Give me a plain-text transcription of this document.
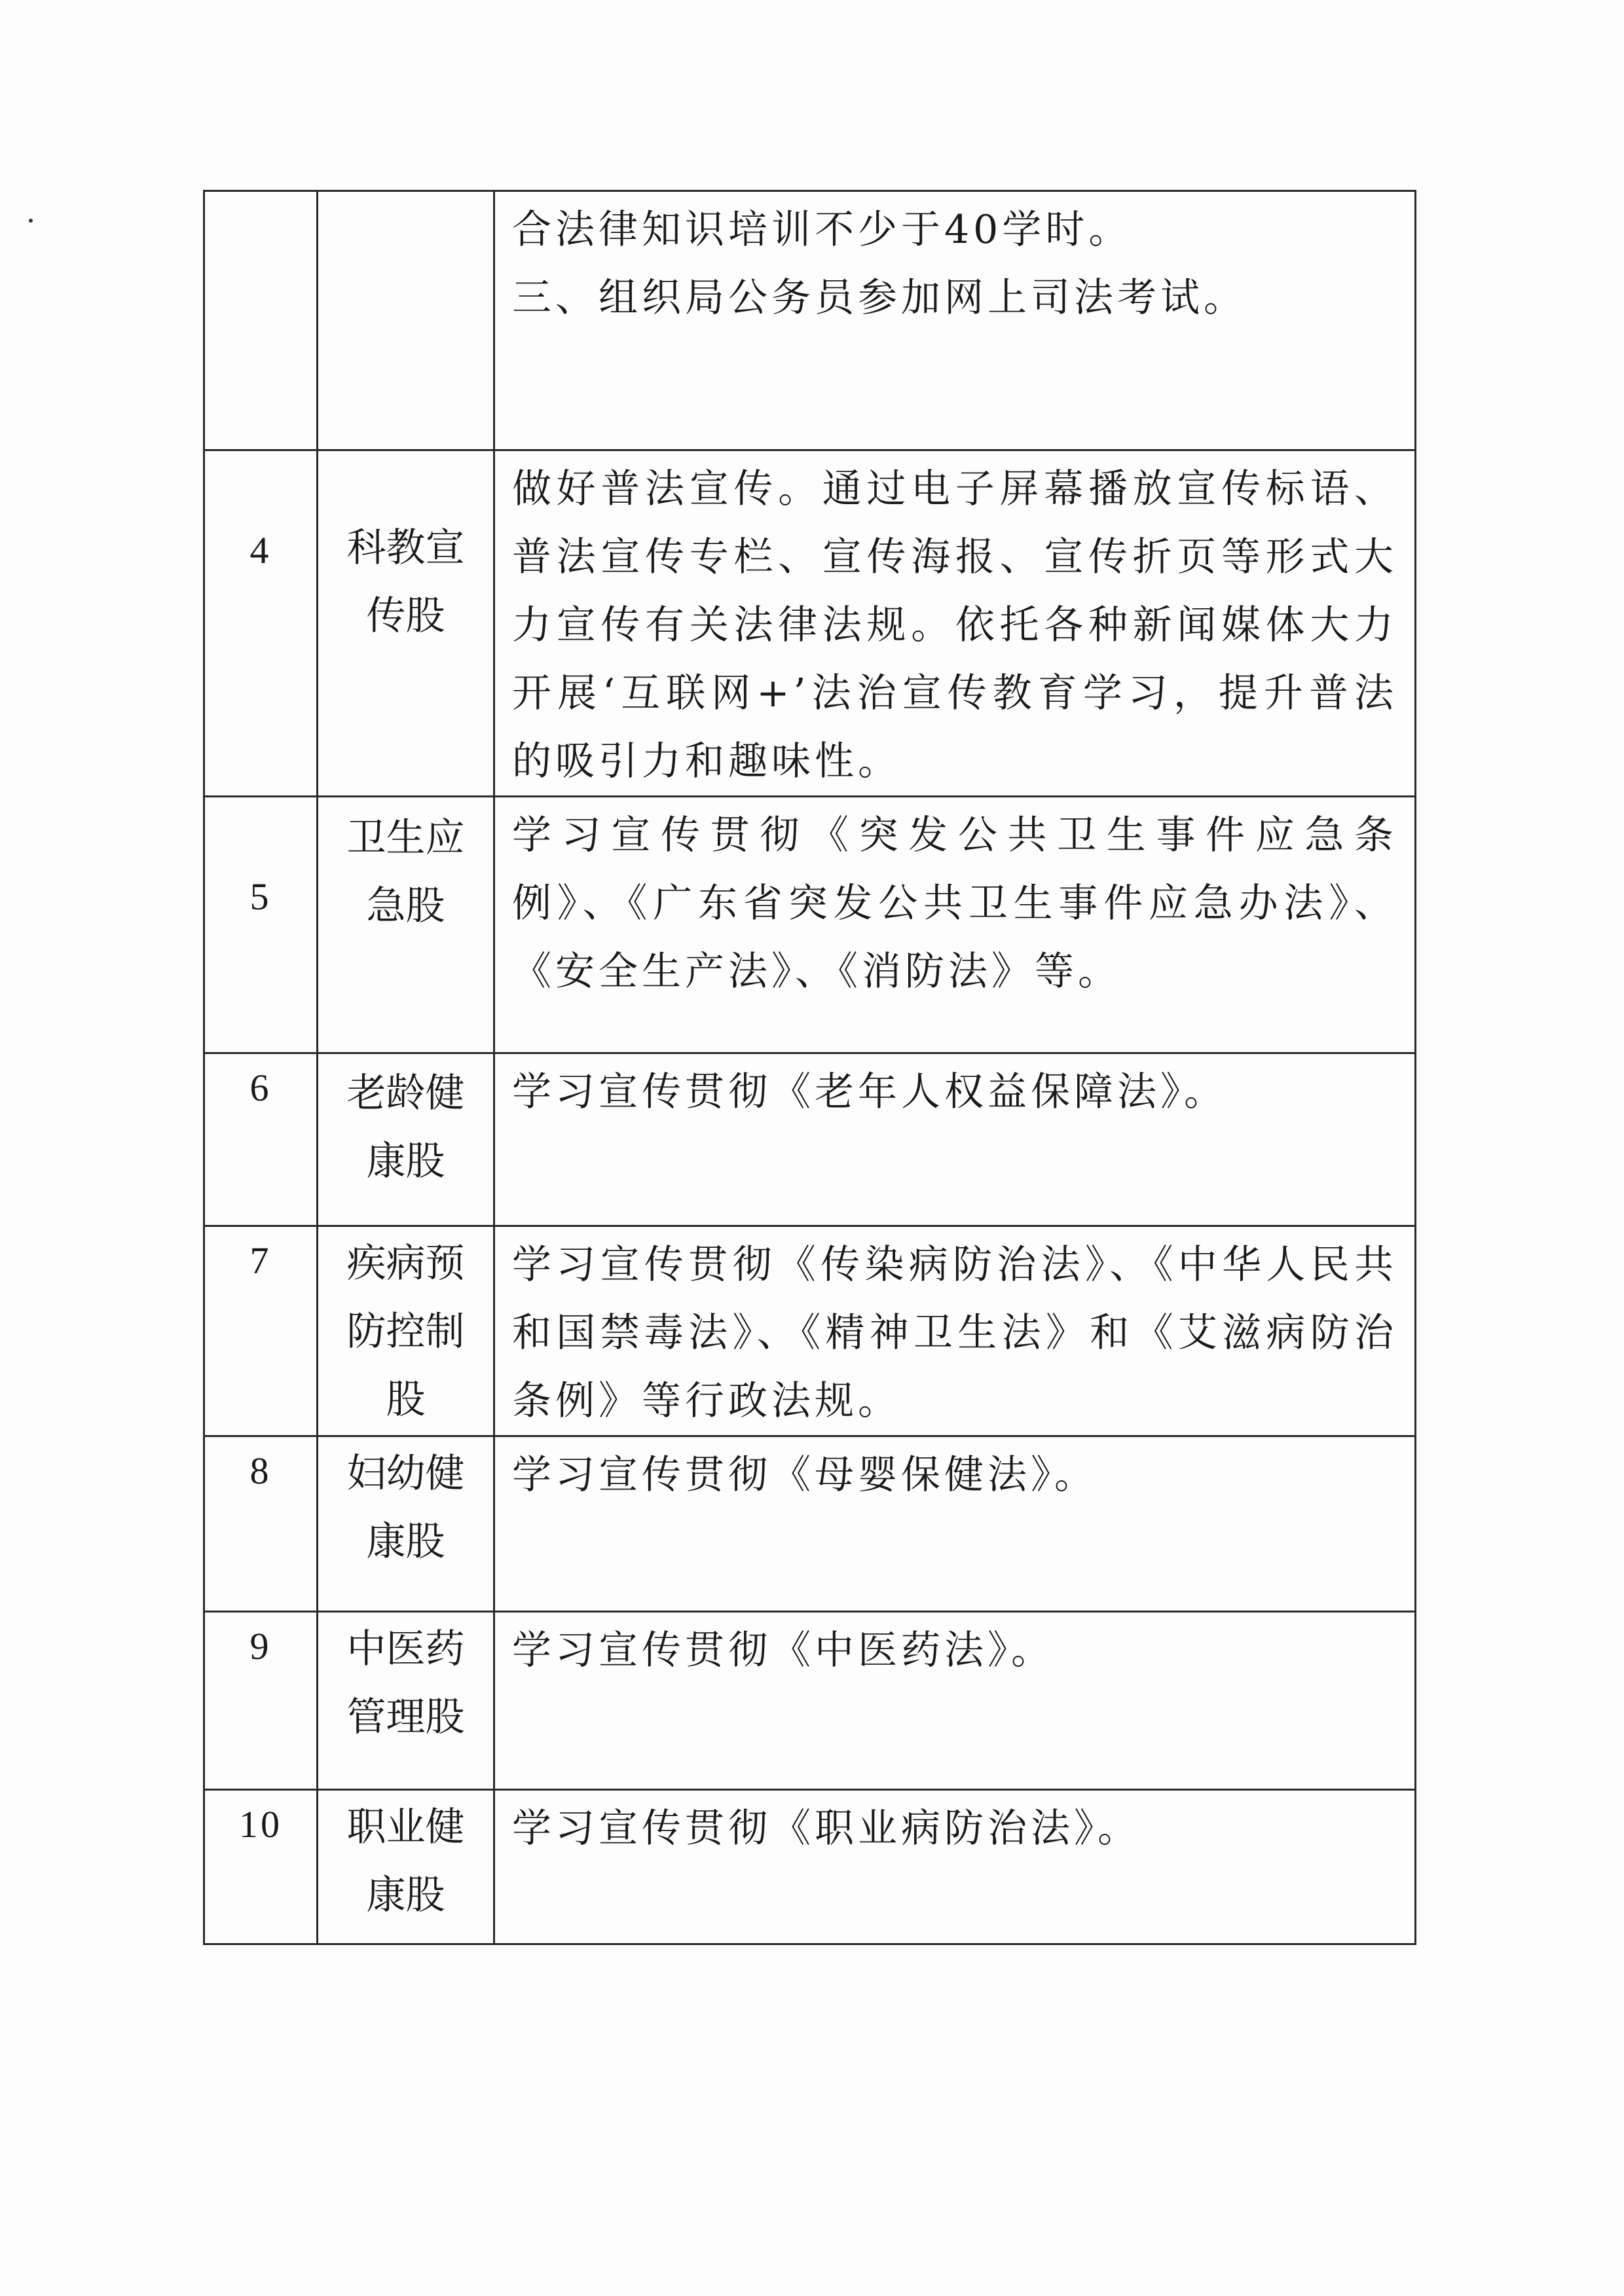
		合法律知识培训不少于40学时。

三、组织局公务员参加网上司法考试。

4	科教宣传股	做好普法宣传。通过电子屏幕播放宣传标语、普法宣传专栏、宣传海报、宣传折页等形式大力宣传有关法律法规。依托各种新闻媒体大力开展‘互联网+’法治宣传教育学习，提升普法的吸引力和趣味性。

5	卫生应急股	学习宣传贯彻《突发公共卫生事件应急条例》、《广东省突发公共卫生事件应急办法》、《安全生产法》、《消防法》等。

6	老龄健康股	学习宣传贯彻《老年人权益保障法》。

7	疾病预防控制股	学习宣传贯彻《传染病防治法》、《中华人民共和国禁毒法》、《精神卫生法》和《艾滋病防治条例》等行政法规。

8	妇幼健康股	学习宣传贯彻《母婴保健法》。

9	中医药管理股	学习宣传贯彻《中医药法》。

10	职业健康股	学习宣传贯彻《职业病防治法》。
